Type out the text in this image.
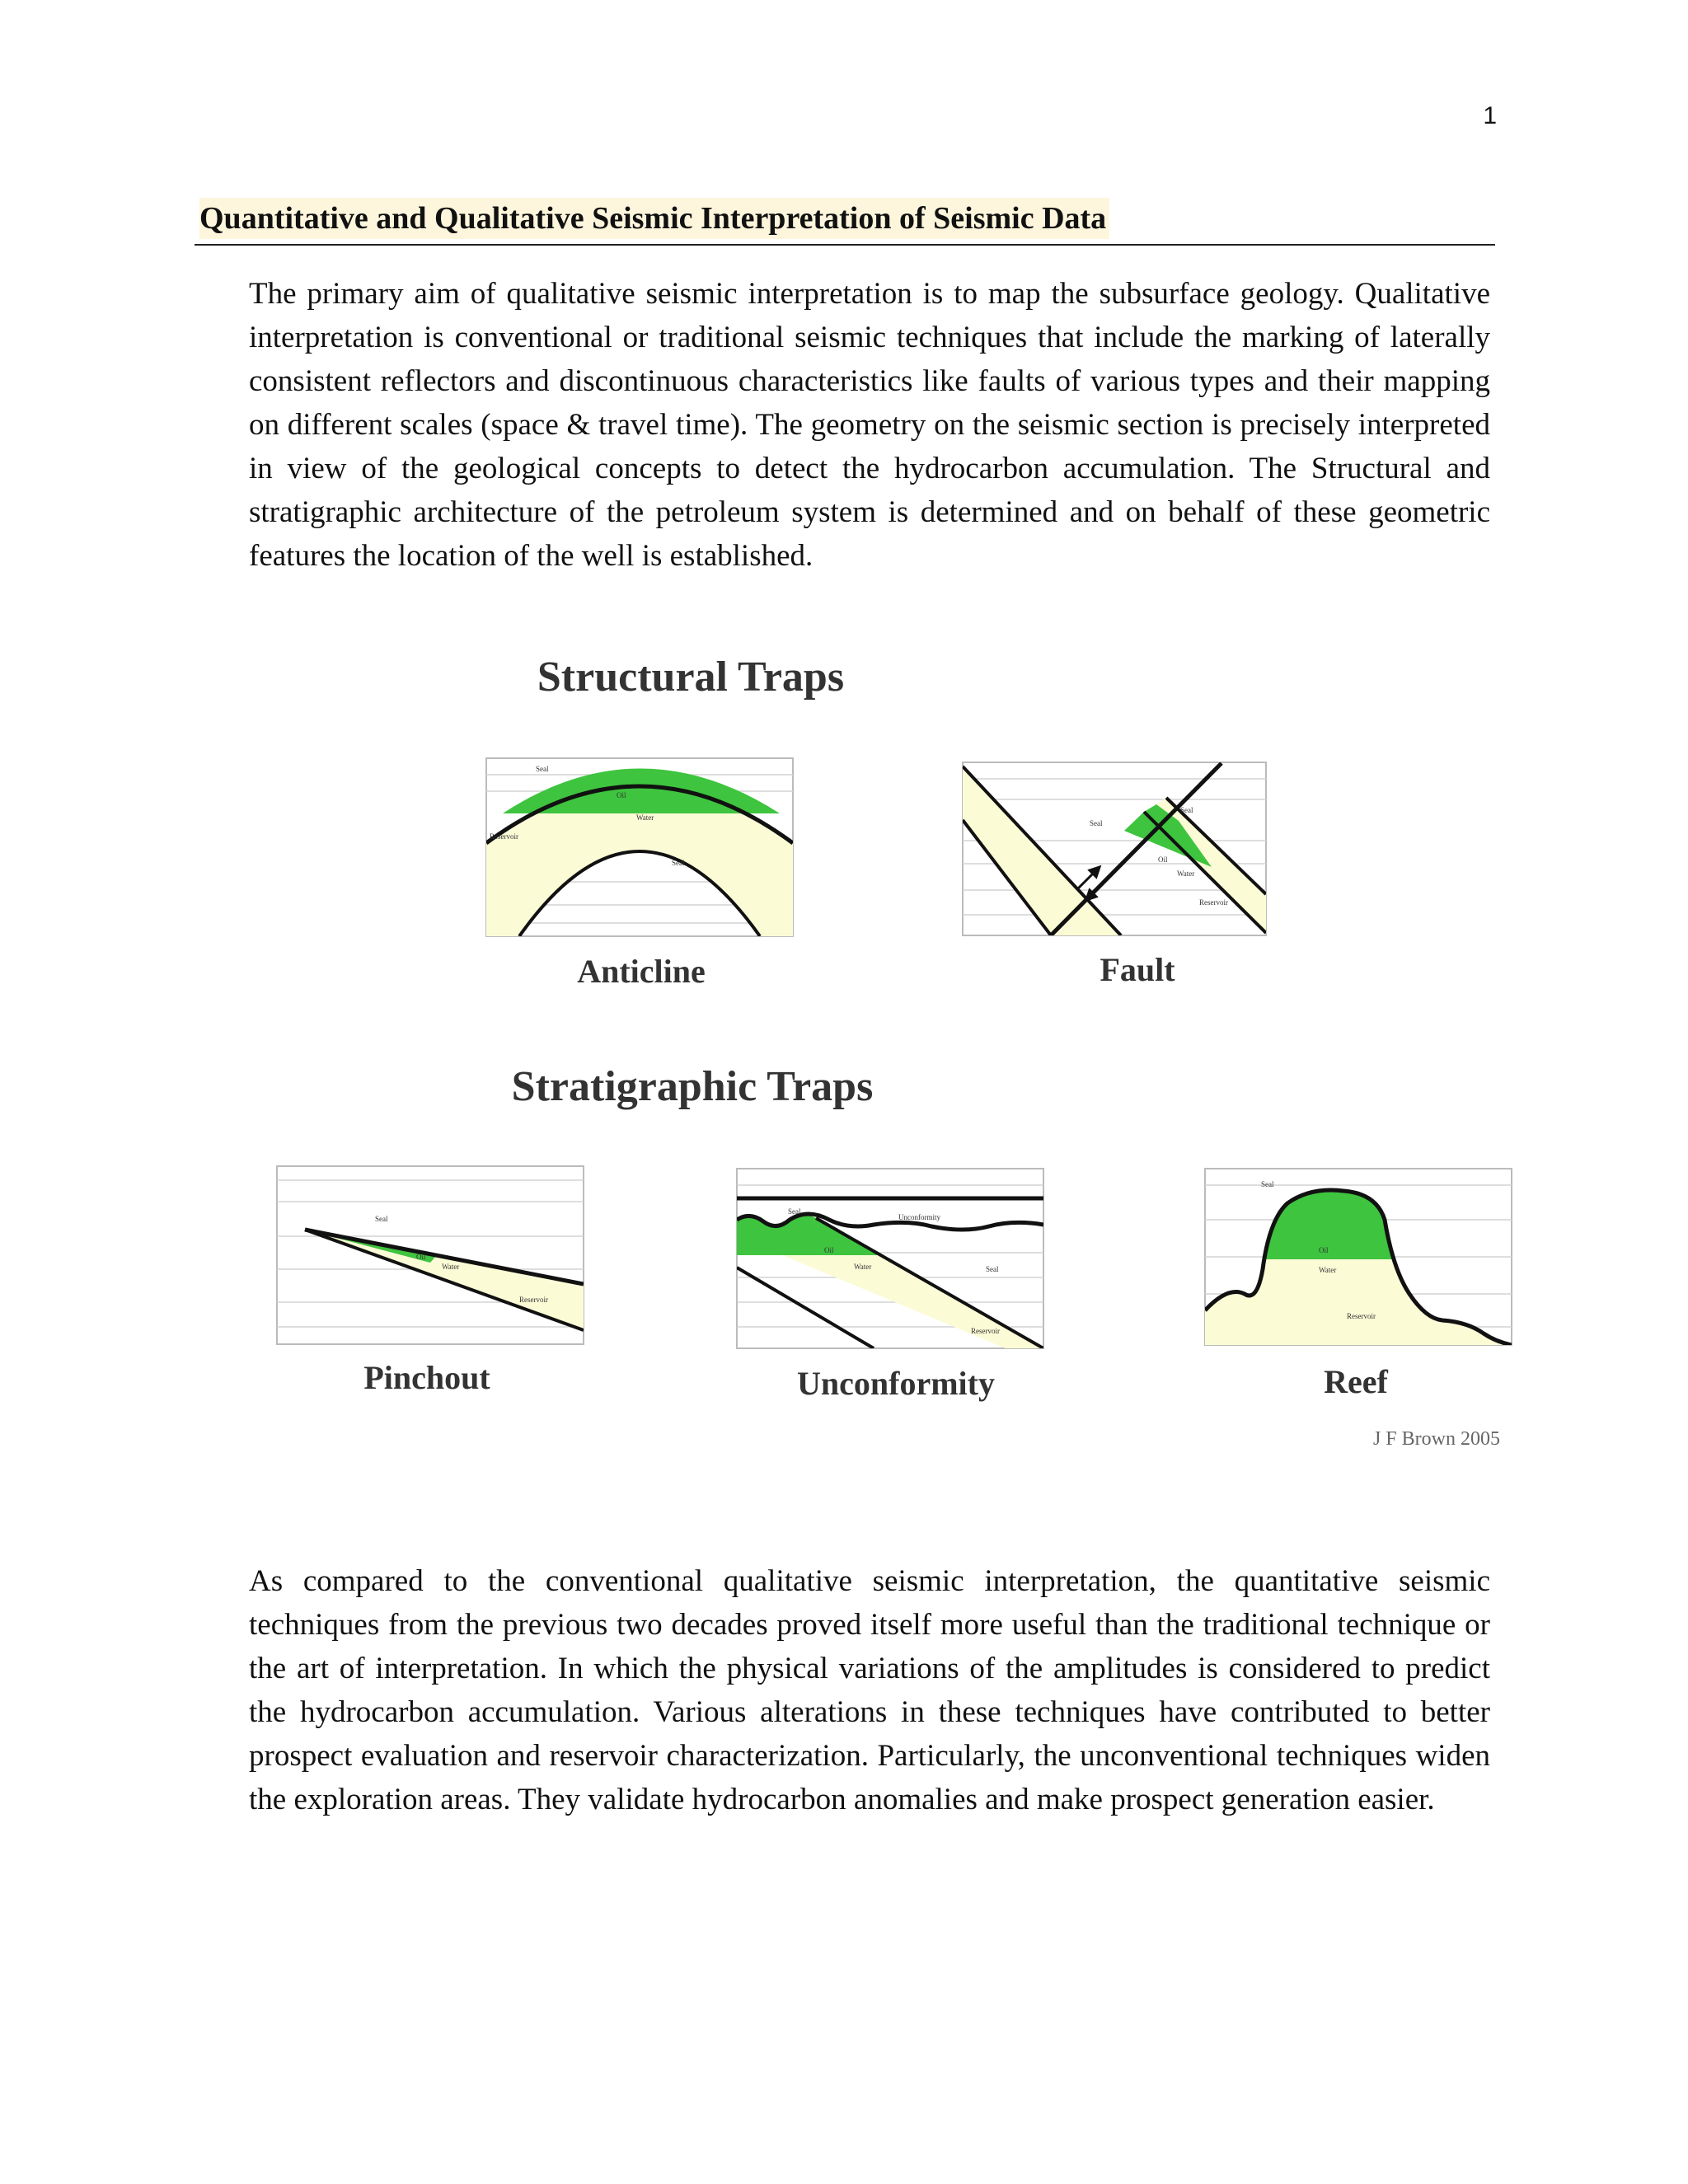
1
Quantitative and Qualitative Seismic Interpretation of Seismic Data

The primary aim of qualitative seismic interpretation is to map the subsurface geology. Qualitative interpretation is conventional or traditional seismic techniques that include the marking of laterally consistent reflectors and discontinuous characteristics like faults of various types and their mapping on different scales (space & travel time). The geometry on the seismic section is precisely interpreted in view of the geological concepts to detect the hydrocarbon accumulation. The Structural and stratigraphic architecture of the petroleum system is determined and on behalf of these geometric features the location of the well is established.

Structural Traps
Stratigraphic Traps
Seal
Oil
Water
Reservoir
Seal
Anticline
Seal
Seal
Oil
Water
Reservoir
Fault
Seal
Oil
Water
Reservoir
Pinchout
Seal
Unconformity
Oil
Water	Seal
Reservoir
Unconformity
Seal
Oil
Water
Reservoir
Reef
J F Brown 2005

As compared to the conventional qualitative seismic interpretation, the quantitative seismic techniques from the previous two decades proved itself more useful than the traditional technique or the art of interpretation. In which the physical variations of the amplitudes is considered to predict the hydrocarbon accumulation. Various alterations in these techniques have contributed to better prospect evaluation and reservoir characterization. Particularly, the unconventional techniques widen the exploration areas. They validate hydrocarbon anomalies and make prospect generation easier.
